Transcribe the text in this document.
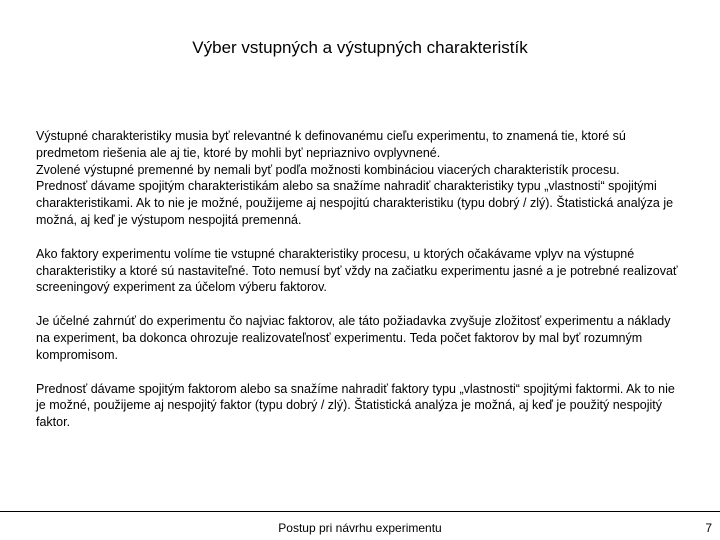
Výber vstupných a výstupných charakteristík
Výstupné charakteristiky musia byť relevantné k definovanému cieľu experimentu, to znamená tie, ktoré sú predmetom riešenia ale aj tie, ktoré by mohli byť nepriaznivo ovplyvnené.
Zvolené výstupné premenné by nemali byť podľa možnosti kombináciou viacerých charakteristík procesu.
Prednosť dávame spojitým charakteristikám alebo sa snažíme nahradiť charakteristiky typu „vlastnosti“ spojitými charakteristikami. Ak to nie je možné, použijeme aj nespojitú charakteristiku (typu dobrý / zlý). Štatistická analýza je možná, aj keď je výstupom nespojitá premenná.
Ako faktory experimentu volíme tie vstupné charakteristiky procesu, u ktorých očakávame vplyv na výstupné charakteristiky a ktoré sú nastaviteľné. Toto nemusí byť vždy na začiatku experimentu jasné a je potrebné realizovať screeningový experiment za účelom výberu faktorov.
Je účelné zahrnúť do experimentu čo najviac faktorov, ale táto požiadavka zvyšuje zložitosť experimentu a náklady na experiment, ba dokonca ohrozuje realizovateľnosť experimentu. Teda počet faktorov by mal byť rozumným kompromisom.
Prednosť dávame spojitým faktorom alebo sa snažíme nahradiť faktory typu „vlastnosti“ spojitými faktormi. Ak to nie je možné, použijeme aj nespojitý faktor (typu dobrý / zlý). Štatistická analýza je možná, aj keď je použitý nespojitý faktor.
Postup pri návrhu experimentu	7
